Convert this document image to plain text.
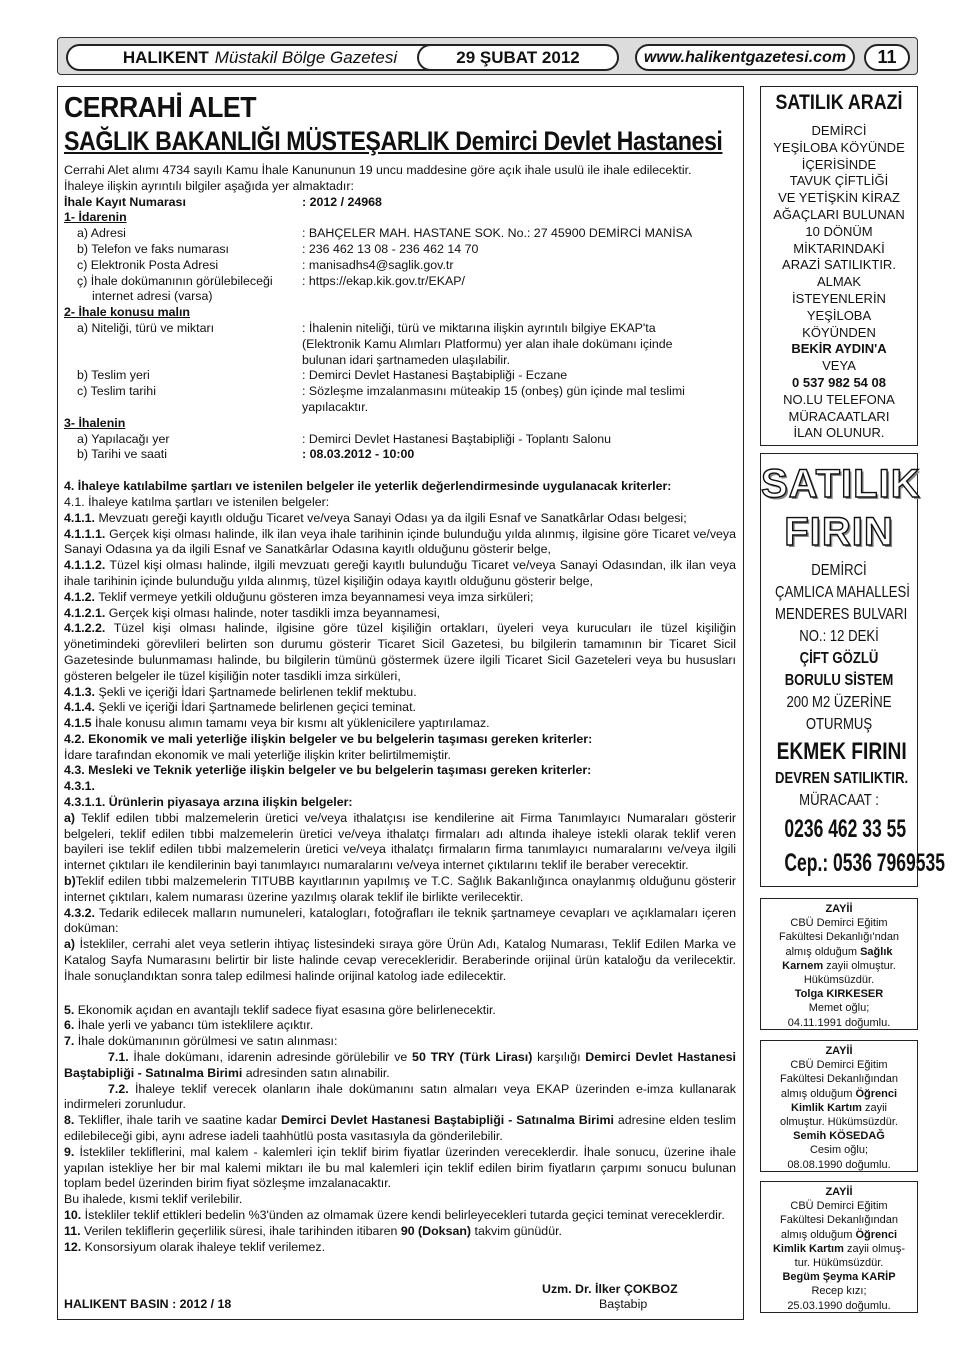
HALIKENT Müstakil Bölge Gazetesi	29 ŞUBAT 2012	www.halikentgazetesi.com	11
CERRAHİ ALET
SAĞLIK BAKANLIĞI MÜSTEŞARLIK Demirci Devlet Hastanesi
Cerrahi Alet alımı 4734 sayılı Kamu İhale Kanununun 19 uncu maddesine göre açık ihale usulü ile ihale edilecektir.
İhaleye ilişkin ayrıntılı bilgiler aşağıda yer almaktadır:
İhale Kayıt Numarası	: 2012 / 24968
1- İdarenin
a) Adresi	: BAHÇELER MAH. HASTANE SOK. No.: 27 45900 DEMİRCİ MANİSA
b) Telefon ve faks numarası	: 236 462 13 08 - 236 462 14 70
c) Elektronik Posta Adresi	: manisadhs4@saglik.gov.tr
ç) İhale dokümanının görülebileceği	: https://ekap.kik.gov.tr/EKAP/
internet adresi (varsa)
2- İhale konusu malın
a) Niteliği, türü ve miktarı	: İhalenin niteliği, türü ve miktarına ilişkin ayrıntılı bilgiye EKAP'ta
(Elektronik Kamu Alımları Platformu) yer alan ihale dokümanı içinde
bulunan idari şartnameden ulaşılabilir.
b) Teslim yeri	: Demirci Devlet Hastanesi Baştabipliği - Eczane
c) Teslim tarihi	: Sözleşme imzalanmasını müteakip 15 (onbeş) gün içinde mal teslimi
yapılacaktır.
3- İhalenin
a) Yapılacağı yer	: Demirci Devlet Hastanesi Baştabipliği - Toplantı Salonu
b) Tarihi ve saati	: 08.03.2012 - 10:00
4. İhaleye katılabilme şartları ve istenilen belgeler ile yeterlik değerlendirmesinde uygulanacak kriterler:
4.1. İhaleye katılma şartları ve istenilen belgeler:
4.1.1. Mevzuatı gereği kayıtlı olduğu Ticaret ve/veya Sanayi Odası ya da ilgili Esnaf ve Sanatkârlar Odası belgesi;
4.1.1.1. Gerçek kişi olması halinde, ilk ilan veya ihale tarihinin içinde bulunduğu yılda alınmış, ilgisine göre Ticaret ve/veya Sanayi Odasına ya da ilgili Esnaf ve Sanatkârlar Odasına kayıtlı olduğunu gösterir belge,
4.1.1.2. Tüzel kişi olması halinde, ilgili mevzuatı gereği kayıtlı bulunduğu Ticaret ve/veya Sanayi Odasından, ilk ilan veya ihale tarihinin içinde bulunduğu yılda alınmış, tüzel kişiliğin odaya kayıtlı olduğunu gösterir belge,
4.1.2. Teklif vermeye yetkili olduğunu gösteren imza beyannamesi veya imza sirküleri;
4.1.2.1. Gerçek kişi olması halinde, noter tasdikli imza beyannamesi,
4.1.2.2. Tüzel kişi olması halinde, ilgisine göre tüzel kişiliğin ortakları, üyeleri veya kurucuları ile tüzel kişiliğin yönetimindeki görevlileri belirten son durumu gösterir Ticaret Sicil Gazetesi, bu bilgilerin tamamının bir Ticaret Sicil Gazetesinde bulunmaması halinde, bu bilgilerin tümünü göstermek üzere ilgili Ticaret Sicil Gazeteleri veya bu hususları gösteren belgeler ile tüzel kişiliğin noter tasdikli imza sirküleri,
4.1.3. Şekli ve içeriği İdari Şartnamede belirlenen teklif mektubu.
4.1.4. Şekli ve içeriği İdari Şartnamede belirlenen geçici teminat.
4.1.5 İhale konusu alımın tamamı veya bir kısmı alt yüklenicilere yaptırılamaz.
4.2. Ekonomik ve mali yeterliğe ilişkin belgeler ve bu belgelerin taşıması gereken kriterler:
İdare tarafından ekonomik ve mali yeterliğe ilişkin kriter belirtilmemiştir.
4.3. Mesleki ve Teknik yeterliğe ilişkin belgeler ve bu belgelerin taşıması gereken kriterler:
4.3.1.
4.3.1.1. Ürünlerin piyasaya arzına ilişkin belgeler:
a) Teklif edilen tıbbi malzemelerin üretici ve/veya ithalatçısı ise kendilerine ait Firma Tanımlayıcı Numaraları gösterir belgeleri, teklif edilen tıbbi malzemelerin üretici ve/veya ithalatçı firmaları adı altında ihaleye istekli olarak teklif veren bayileri ise teklif edilen tıbbi malzemelerin üretici ve/veya ithalatçı firmaların firma tanımlayıcı numaralarını ve/veya ilgili internet çıktıları ile kendilerinin bayi tanımlayıcı numaralarını ve/veya internet çıktılarını teklif ile beraber verecektir.
b)Teklif edilen tıbbi malzemelerin TITUBB kayıtlarının yapılmış ve T.C. Sağlık Bakanlığınca onaylanmış olduğunu gösterir internet çıktıları, kalem numarası üzerine yazılmış olarak teklif ile birlikte verilecektir.
4.3.2. Tedarik edilecek malların numuneleri, katalogları, fotoğrafları ile teknik şartnameye cevapları ve açıklamaları içeren doküman:
a) İstekliler, cerrahi alet veya setlerin ihtiyaç listesindeki sıraya göre Ürün Adı, Katalog Numarası, Teklif Edilen Marka ve Katalog Sayfa Numarasını belirtir bir liste halinde cevap verecekleridir. Beraberinde orijinal ürün kataloğu da verilecektir. İhale sonuçlandıktan sonra talep edilmesi halinde orijinal katolog iade edilecektir.
5. Ekonomik açıdan en avantajlı teklif sadece fiyat esasına göre belirlenecektir.
6. İhale yerli ve yabancı tüm isteklilere açıktır.
7. İhale dokümanının görülmesi ve satın alınması:
7.1. İhale dokümanı, idarenin adresinde görülebilir ve 50 TRY (Türk Lirası) karşılığı Demirci Devlet Hastanesi Baştabipliği - Satınalma Birimi adresinden satın alınabilir.
7.2. İhaleye teklif verecek olanların ihale dokümanını satın almaları veya EKAP üzerinden e-imza kullanarak indirmeleri zorunludur.
8. Teklifler, ihale tarih ve saatine kadar Demirci Devlet Hastanesi Baştabipliği - Satınalma Birimi adresine elden teslim edilebileceği gibi, aynı adrese iadeli taahhütlü posta vasıtasıyla da gönderilebilir.
9. İstekliler tekliflerini, mal kalem - kalemleri için teklif birim fiyatlar üzerinden vereceklerdir. İhale sonucu, üzerine ihale yapılan istekliye her bir mal kalemi miktarı ile bu mal kalemleri için teklif edilen birim fiyatların çarpımı sonucu bulunan toplam bedel üzerinden birim fiyat sözleşme imzalanacaktır.
Bu ihalede, kısmi teklif verilebilir.
10. İstekliler teklif ettikleri bedelin %3'ünden az olmamak üzere kendi belirleyecekleri tutarda geçici teminat vereceklerdir.
11. Verilen tekliflerin geçerlilik süresi, ihale tarihinden itibaren 90 (Doksan) takvim günüdür.
12. Konsorsiyum olarak ihaleye teklif verilemez.
Uzm. Dr. İlker ÇOKBOZ
Baştabip
HALIKENT BASIN : 2012 / 18
SATILIK ARAZİ
DEMİRCİ
YEŞİLOBA KÖYÜNDE
İÇERİSİNDE
TAVUK ÇİFTLİĞİ
VE YETİŞKİN KİRAZ
AĞAÇLARI BULUNAN
10 DÖNÜM
MİKTARINDAKİ
ARAZİ SATILIKTIR.
ALMAK
İSTEYENLERİN
YEŞİLOBA
KÖYÜNDEN
BEKİR AYDIN'A
VEYA
0 537 982 54 08
NO.LU TELEFONA
MÜRACAATLARI
İLAN OLUNUR.
SATILIK
FIRIN
DEMİRCİ
ÇAMLICA MAHALLESİ
MENDERES BULVARI
NO.: 12 DEKİ
ÇİFT GÖZLÜ
BORULU SİSTEM
200 M2 ÜZERİNE
OTURMUŞ
EKMEK FIRINI
DEVREN SATILIKTIR.
MÜRACAAT :
0236 462 33 55
Cep.: 0536 7969535
ZAYİİ
CBÜ Demirci Eğitim
Fakültesi Dekanlığı'ndan
almış olduğum Sağlık
Karnem zayii olmuştur.
Hükümsüzdür.
Tolga KIRKESER
Memet oğlu;
04.11.1991 doğumlu.
ZAYİİ
CBÜ Demirci Eğitim
Fakültesi Dekanlığından
almış olduğum Öğrenci
Kimlik Kartım zayii
olmuştur. Hükümsüzdür.
Semih KÖSEDAĞ
Cesim oğlu;
08.08.1990 doğumlu.
ZAYİİ
CBÜ Demirci Eğitim
Fakültesi Dekanlığından
almış olduğum Öğrenci
Kimlik Kartım zayii olmuş-
tur. Hükümsüzdür.
Begüm Şeyma KARİP
Recep kızı;
25.03.1990 doğumlu.
